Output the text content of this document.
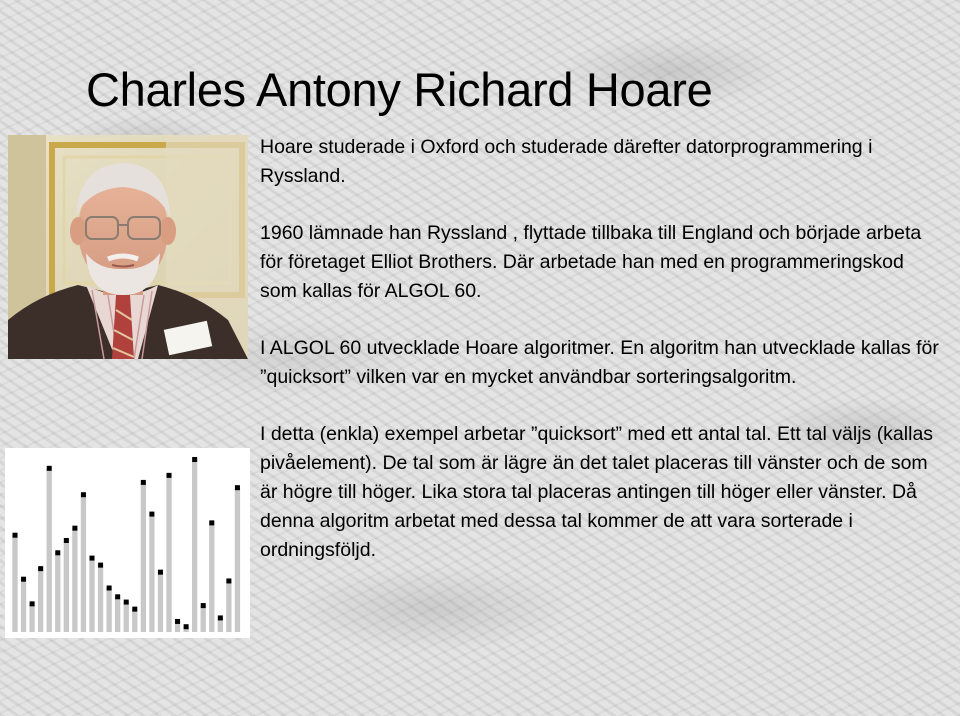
Charles Antony Richard Hoare

Hoare studerade i Oxford och studerade därefter datorprogrammering i Ryssland.

1960 lämnade han Ryssland , flyttade tillbaka till England och började arbeta för företaget Elliot Brothers. Där arbetade han med en programmeringskod som kallas för ALGOL 60.

I ALGOL 60 utvecklade Hoare algoritmer. En algoritm han utvecklade kallas för ”quicksort” vilken var en mycket användbar sorteringsalgoritm.

I detta (enkla) exempel arbetar ”quicksort” med ett antal tal. Ett tal väljs (kallas pivåelement). De tal som är lägre än det talet placeras till vänster och de som är högre till höger. Lika stora tal placeras antingen till höger eller vänster. Då denna algoritm arbetat med dessa tal kommer de att vara sorterade i ordningsföljd.
